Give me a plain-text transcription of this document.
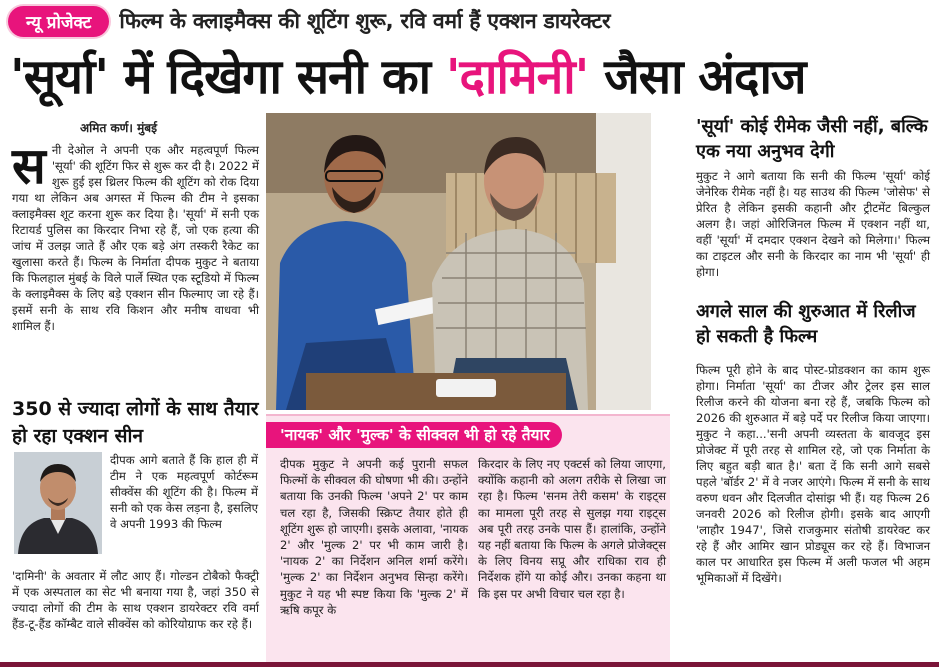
न्यू प्रोजेक्ट	फिल्म के क्लाइमैक्स की शूटिंग शुरू, रवि वर्मा हैं एक्शन डायरेक्टर
'सूर्या' में दिखेगा सनी का 'दामिनी' जैसा अंदाज
अमित कर्ण। मुंबई
स नी देओल ने अपनी एक और महत्वपूर्ण फिल्म 'सूर्या' की शूटिंग फिर से शुरू कर दी है। 2022 में शुरू हुई इस थ्रिलर फिल्म की शूटिंग को रोक दिया गया था लेकिन अब अगस्त में फिल्म की टीम ने इसका क्लाइमैक्स शूट करना शुरू कर दिया है। 'सूर्या' में सनी एक रिटायर्ड पुलिस का किरदार निभा रहे हैं, जो एक हत्या की जांच में उलझ जाते हैं और एक बड़े अंग तस्करी रैकेट का खुलासा करते हैं। फिल्म के निर्माता दीपक मुकुट ने बताया कि फिलहाल मुंबई के विले पार्ले स्थित एक स्टूडियो में फिल्म के क्लाइमैक्स के लिए बड़े एक्शन सीन फिल्माए जा रहे हैं। इसमें सनी के साथ रवि किशन और मनीष वाधवा भी शामिल हैं।

350 से ज्यादा लोगों के साथ तैयार हो रहा एक्शन सीन

दीपक आगे बताते हैं कि हाल ही में टीम ने एक महत्वपूर्ण कोर्टरूम सीक्वेंस की शूटिंग की है। फिल्म में सनी को एक केस लड़ना है, इसलिए वे अपनी 1993 की फिल्म

'दामिनी' के अवतार में लौट आए हैं। गोल्डन टोबैको फैक्ट्री में एक अस्पताल का सेट भी बनाया गया है, जहां 350 से ज्यादा लोगों की टीम के साथ एक्शन डायरेक्टर रवि वर्मा हैंड-टू-हैंड कॉम्बैट वाले सीक्वेंस को कोरियोग्राफ कर रहे हैं।

'सूर्या' कोई रीमेक जैसी नहीं, बल्कि एक नया अनुभव देगी

मुकुट ने आगे बताया कि सनी की फिल्म 'सूर्या' कोई जेनेरिक रीमेक नहीं है। यह साउथ की फिल्म 'जोसेफ' से प्रेरित है लेकिन इसकी कहानी और ट्रीटमेंट बिल्कुल अलग है। जहां ओरिजिनल फिल्म में एक्शन नहीं था, वहीं 'सूर्या' में दमदार एक्शन देखने को मिलेगा।' फिल्म का टाइटल और सनी के किरदार का नाम भी 'सूर्या' ही होगा।

अगले साल की शुरुआत में रिलीज हो सकती है फिल्म

फिल्म पूरी होने के बाद पोस्ट-प्रोडक्शन का काम शुरू होगा। निर्माता 'सूर्या' का टीजर और ट्रेलर इस साल रिलीज करने की योजना बना रहे हैं, जबकि फिल्म को 2026 की शुरुआत में बड़े पर्दे पर रिलीज किया जाएगा। मुकुट ने कहा...'सनी अपनी व्यस्तता के बावजूद इस प्रोजेक्ट में पूरी तरह से शामिल रहे, जो एक निर्माता के लिए बहुत बड़ी बात है।' बता दें कि सनी आगे सबसे पहले 'बॉर्डर 2' में वे नजर आएंगे। फिल्म में सनी के साथ वरुण धवन और दिलजीत दोसांझ भी हैं। यह फिल्म 26 जनवरी 2026 को रिलीज होगी। इसके बाद आएगी 'लाहौर 1947', जिसे राजकुमार संतोषी डायरेक्ट कर रहे हैं और आमिर खान प्रोड्यूस कर रहे हैं। विभाजन काल पर आधारित इस फिल्म में अली फजल भी अहम भूमिकाओं में दिखेंगे।

'नायक' और 'मुल्क' के सीक्वल भी हो रहे तैयार
दीपक मुकुट ने अपनी कई पुरानी सफल फिल्मों के सीक्वल की घोषणा भी की। उन्होंने बताया कि उनकी फिल्म 'अपने 2' पर काम चल रहा है, जिसकी स्क्रिप्ट तैयार होते ही शूटिंग शुरू हो जाएगी। इसके अलावा, 'नायक 2' और 'मुल्क 2' पर भी काम जारी है। 'नायक 2' का निर्देशन अनिल शर्मा करेंगे। 'मुल्क 2' का निर्देशन अनुभव सिन्हा करेंगे। मुकुट ने यह भी स्पष्ट किया कि 'मुल्क 2' में ऋषि कपूर के
किरदार के लिए नए एक्टर्स को लिया जाएगा, क्योंकि कहानी को अलग तरीके से लिखा जा रहा है। फिल्म 'सनम तेरी कसम' के राइट्स का मामला पूरी तरह से सुलझ गया राइट्स अब पूरी तरह उनके पास हैं। हालांकि, उन्होंने यह नहीं बताया कि फिल्म के अगले प्रोजेक्ट्स के लिए विनय सप्रू और राधिका राव ही निर्देशक होंगे या कोई और। उनका कहना था कि इस पर अभी विचार चल रहा है।
